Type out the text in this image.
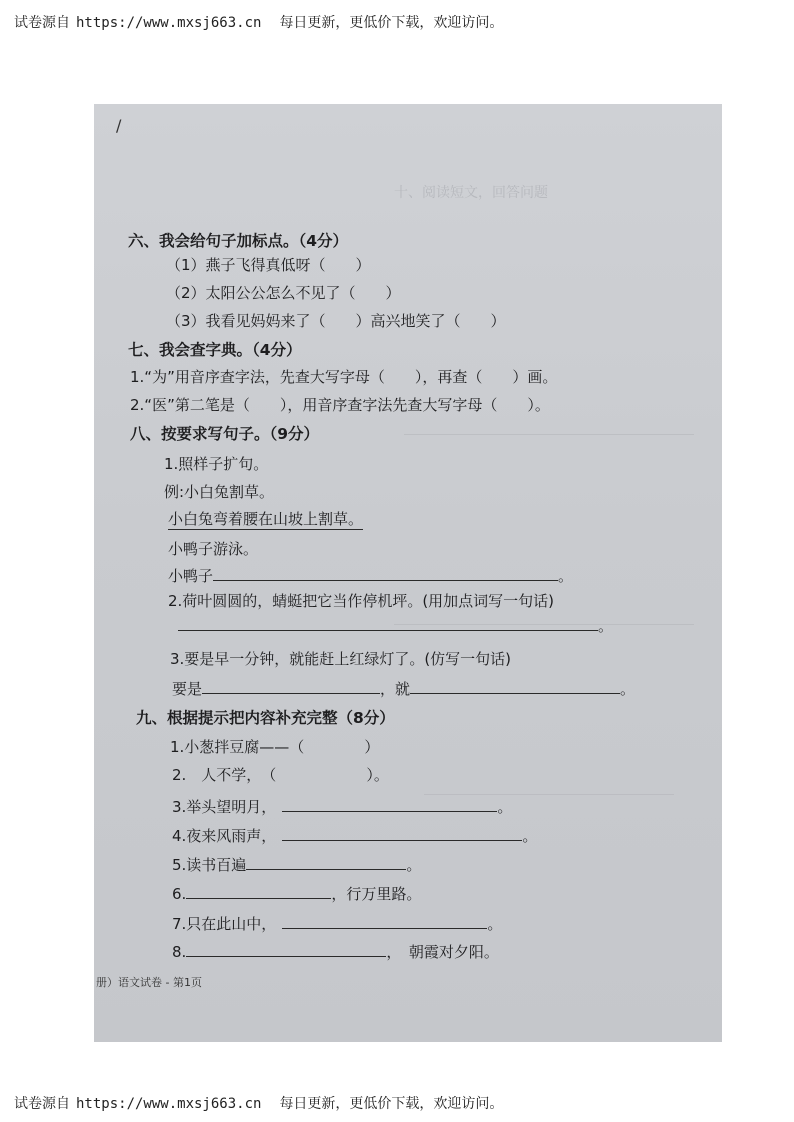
试卷源自 https://www.mxsj663.cn 每日更新，更低价下载，欢迎访问。
十、阅读短文，回答问题
/
六、我会给句子加标点。（4分）
（1）燕子飞得真低呀（　　）
（2）太阳公公怎么不见了（　　）
（3）我看见妈妈来了（　　）高兴地笑了（　　）
七、我会查字典。（4分）
1.“为”用音序查字法，先查大写字母（　　），再查（　　）画。
2.“医”第二笔是（　　），用音序查字法先查大写字母（　　）。
八、按要求写句子。（9分）
1.照样子扩句。
例:小白兔割草。
小白兔弯着腰在山坡上割草。
小鸭子游泳。
小鸭子	。
2.荷叶圆圆的，蜻蜓把它当作停机坪。(用加点词写一句话)
。
3.要是早一分钟，就能赶上红绿灯了。(仿写一句话)
要是	，就	。
九、根据提示把内容补充完整（8分）
1.小葱拌豆腐——（　　　　）
2.　人不学，　（　　　　　　）。
3.举头望明月，	。
4.夜来风雨声，	。
5.读书百遍	。
6.	，行万里路。
7.只在此山中，	。
8.	，　朝霞对夕阳。
册）语文试卷 - 第1页
试卷源自 https://www.mxsj663.cn 每日更新，更低价下载，欢迎访问。
